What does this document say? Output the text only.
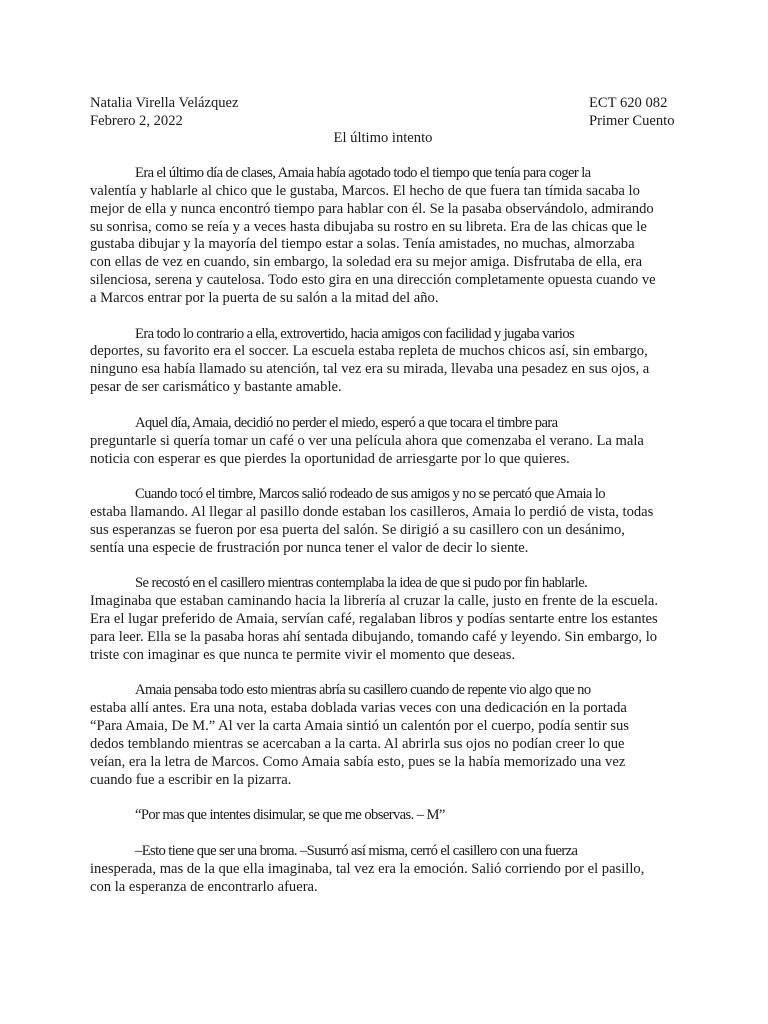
Natalia Virella Velázquez	ECT 620 082
Febrero 2, 2022	Primer Cuento
El último intento

Era el último día de clases, Amaia había agotado todo el tiempo que tenía para coger la
valentía y hablarle al chico que le gustaba, Marcos. El hecho de que fuera tan tímida sacaba lo
mejor de ella y nunca encontró tiempo para hablar con él. Se la pasaba observándolo, admirando
su sonrisa, como se reía y a veces hasta dibujaba su rostro en su libreta. Era de las chicas que le
gustaba dibujar y la mayoría del tiempo estar a solas. Tenía amistades, no muchas, almorzaba
con ellas de vez en cuando, sin embargo, la soledad era su mejor amiga. Disfrutaba de ella, era
silenciosa, serena y cautelosa. Todo esto gira en una dirección completamente opuesta cuando ve
a Marcos entrar por la puerta de su salón a la mitad del año.

Era todo lo contrario a ella, extrovertido, hacia amigos con facilidad y jugaba varios
deportes, su favorito era el soccer. La escuela estaba repleta de muchos chicos así, sin embargo,
ninguno esa había llamado su atención, tal vez era su mirada, llevaba una pesadez en sus ojos, a
pesar de ser carismático y bastante amable.

Aquel día, Amaia, decidió no perder el miedo, esperó a que tocara el timbre para
preguntarle si quería tomar un café o ver una película ahora que comenzaba el verano. La mala
noticia con esperar es que pierdes la oportunidad de arriesgarte por lo que quieres.

Cuando tocó el timbre, Marcos salió rodeado de sus amigos y no se percató que Amaia lo
estaba llamando. Al llegar al pasillo donde estaban los casilleros, Amaia lo perdió de vista, todas
sus esperanzas se fueron por esa puerta del salón. Se dirigió a su casillero con un desánimo,
sentía una especie de frustración por nunca tener el valor de decir lo siente.

Se recostó en el casillero mientras contemplaba la idea de que si pudo por fin hablarle.
Imaginaba que estaban caminando hacia la librería al cruzar la calle, justo en frente de la escuela.
Era el lugar preferido de Amaia, servían café, regalaban libros y podías sentarte entre los estantes
para leer. Ella se la pasaba horas ahí sentada dibujando, tomando café y leyendo. Sin embargo, lo
triste con imaginar es que nunca te permite vivir el momento que deseas.

Amaia pensaba todo esto mientras abría su casillero cuando de repente vio algo que no
estaba allí antes. Era una nota, estaba doblada varias veces con una dedicación en la portada
“Para Amaia, De M.” Al ver la carta Amaia sintió un calentón por el cuerpo, podía sentir sus
dedos temblando mientras se acercaban a la carta. Al abrirla sus ojos no podían creer lo que
veían, era la letra de Marcos. Como Amaia sabía esto, pues se la había memorizado una vez
cuando fue a escribir en la pizarra.

“Por mas que intentes disimular, se que me observas. – M”

–Esto tiene que ser una broma. –Susurró así misma, cerró el casillero con una fuerza
inesperada, mas de la que ella imaginaba, tal vez era la emoción. Salió corriendo por el pasillo,
con la esperanza de encontrarlo afuera.
